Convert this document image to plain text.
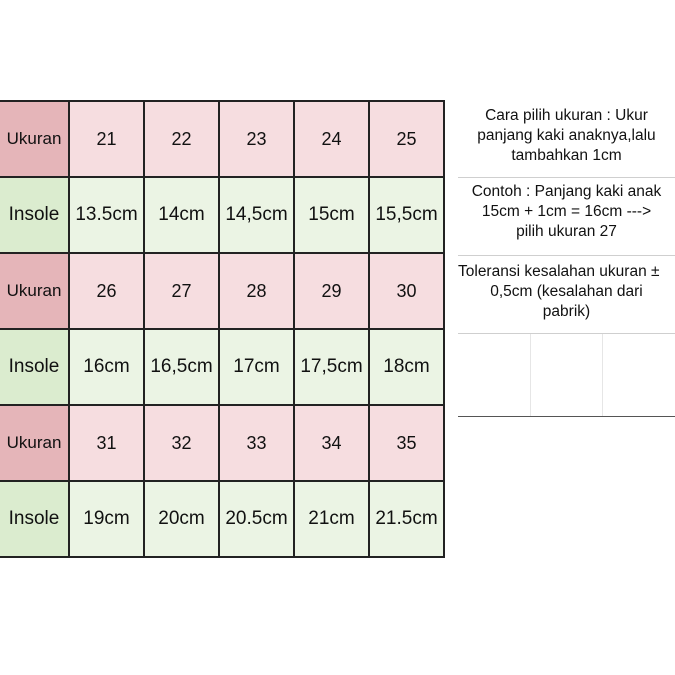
Ukuran	21	22	23	24	25
Insole	13.5cm	14cm	14,5cm	15cm	15,5cm
Ukuran	26	27	28	29	30
Insole	16cm	16,5cm	17cm	17,5cm	18cm
Ukuran	31	32	33	34	35
Insole	19cm	20cm	20.5cm	21cm	21.5cm
Cara pilih ukuran : Ukur
panjang kaki anaknya,lalu
tambahkan 1cm
Contoh : Panjang kaki anak
15cm + 1cm = 16cm --->
pilih ukuran 27
Toleransi kesalahan ukuran ±
0,5cm (kesalahan dari
pabrik)
